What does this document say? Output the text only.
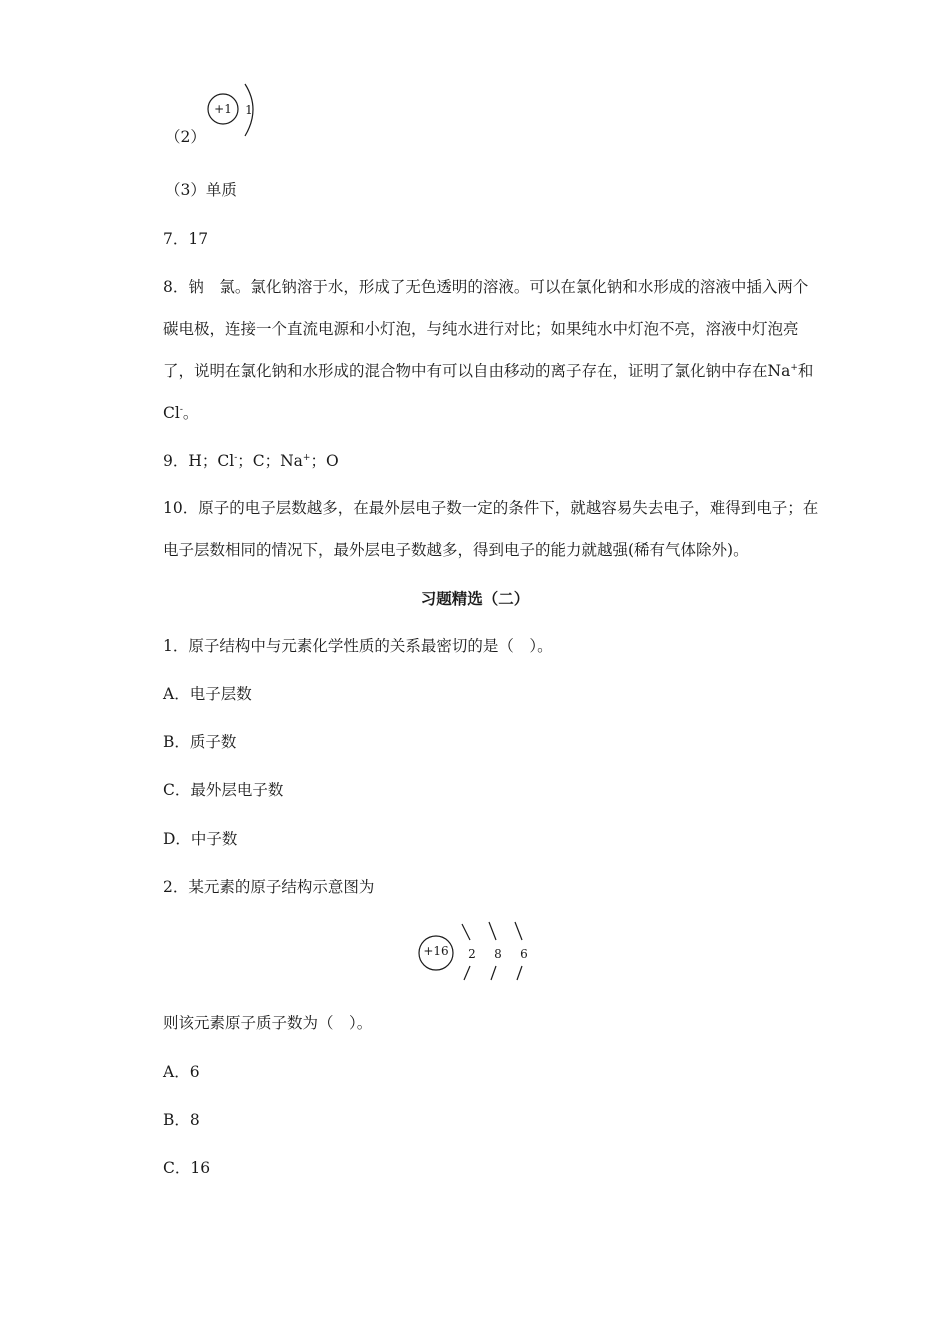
（2）
+1 1
（3）单质
7．17
8．钠　氯。氯化钠溶于水，形成了无色透明的溶液。可以在氯化钠和水形成的溶液中插入两个碳电极，连接一个直流电源和小灯泡，与纯水进行对比；如果纯水中灯泡不亮，溶液中灯泡亮了，说明在氯化钠和水形成的混合物中有可以自由移动的离子存在，证明了氯化钠中存在Na+和Cl-。
9．H；Cl-；C；Na+；O
10．原子的电子层数越多，在最外层电子数一定的条件下，就越容易失去电子，难得到电子；在电子层数相同的情况下，最外层电子数越多，得到电子的能力就越强(稀有气体除外)。
习题精选（二）
1．原子结构中与元素化学性质的关系最密切的是（　）。
A．电子层数
B．质子数
C．最外层电子数
D．中子数
2．某元素的原子结构示意图为
+16 2 8 6
则该元素原子质子数为（　）。
A．6
B．8
C．16
